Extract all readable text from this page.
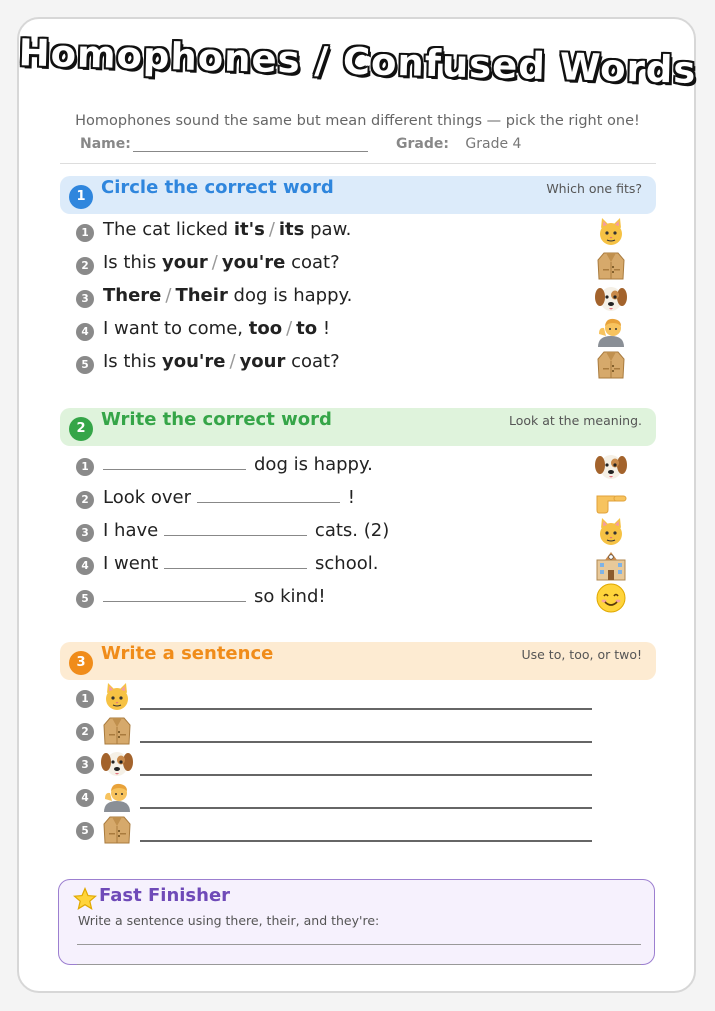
Homophones / Confused Words
Homophones sound the same but mean different things — pick the right one!
Name:	Grade: Grade 4
1 Circle the correct word	Which one fits?
1 The cat licked it's / its paw.
2 Is this your / you're coat?
3 There / Their dog is happy.
4 I want to come, too / to !
5 Is this you're / your coat?
2 Write the correct word	Look at the meaning.
1	dog is happy.
2 Look over	!
3 I have	cats. (2)
4 I went	school.
5	so kind!
3 Write a sentence	Use to, too, or two!
1
2
3
4
5
Fast Finisher
Write a sentence using there, their, and they're:
